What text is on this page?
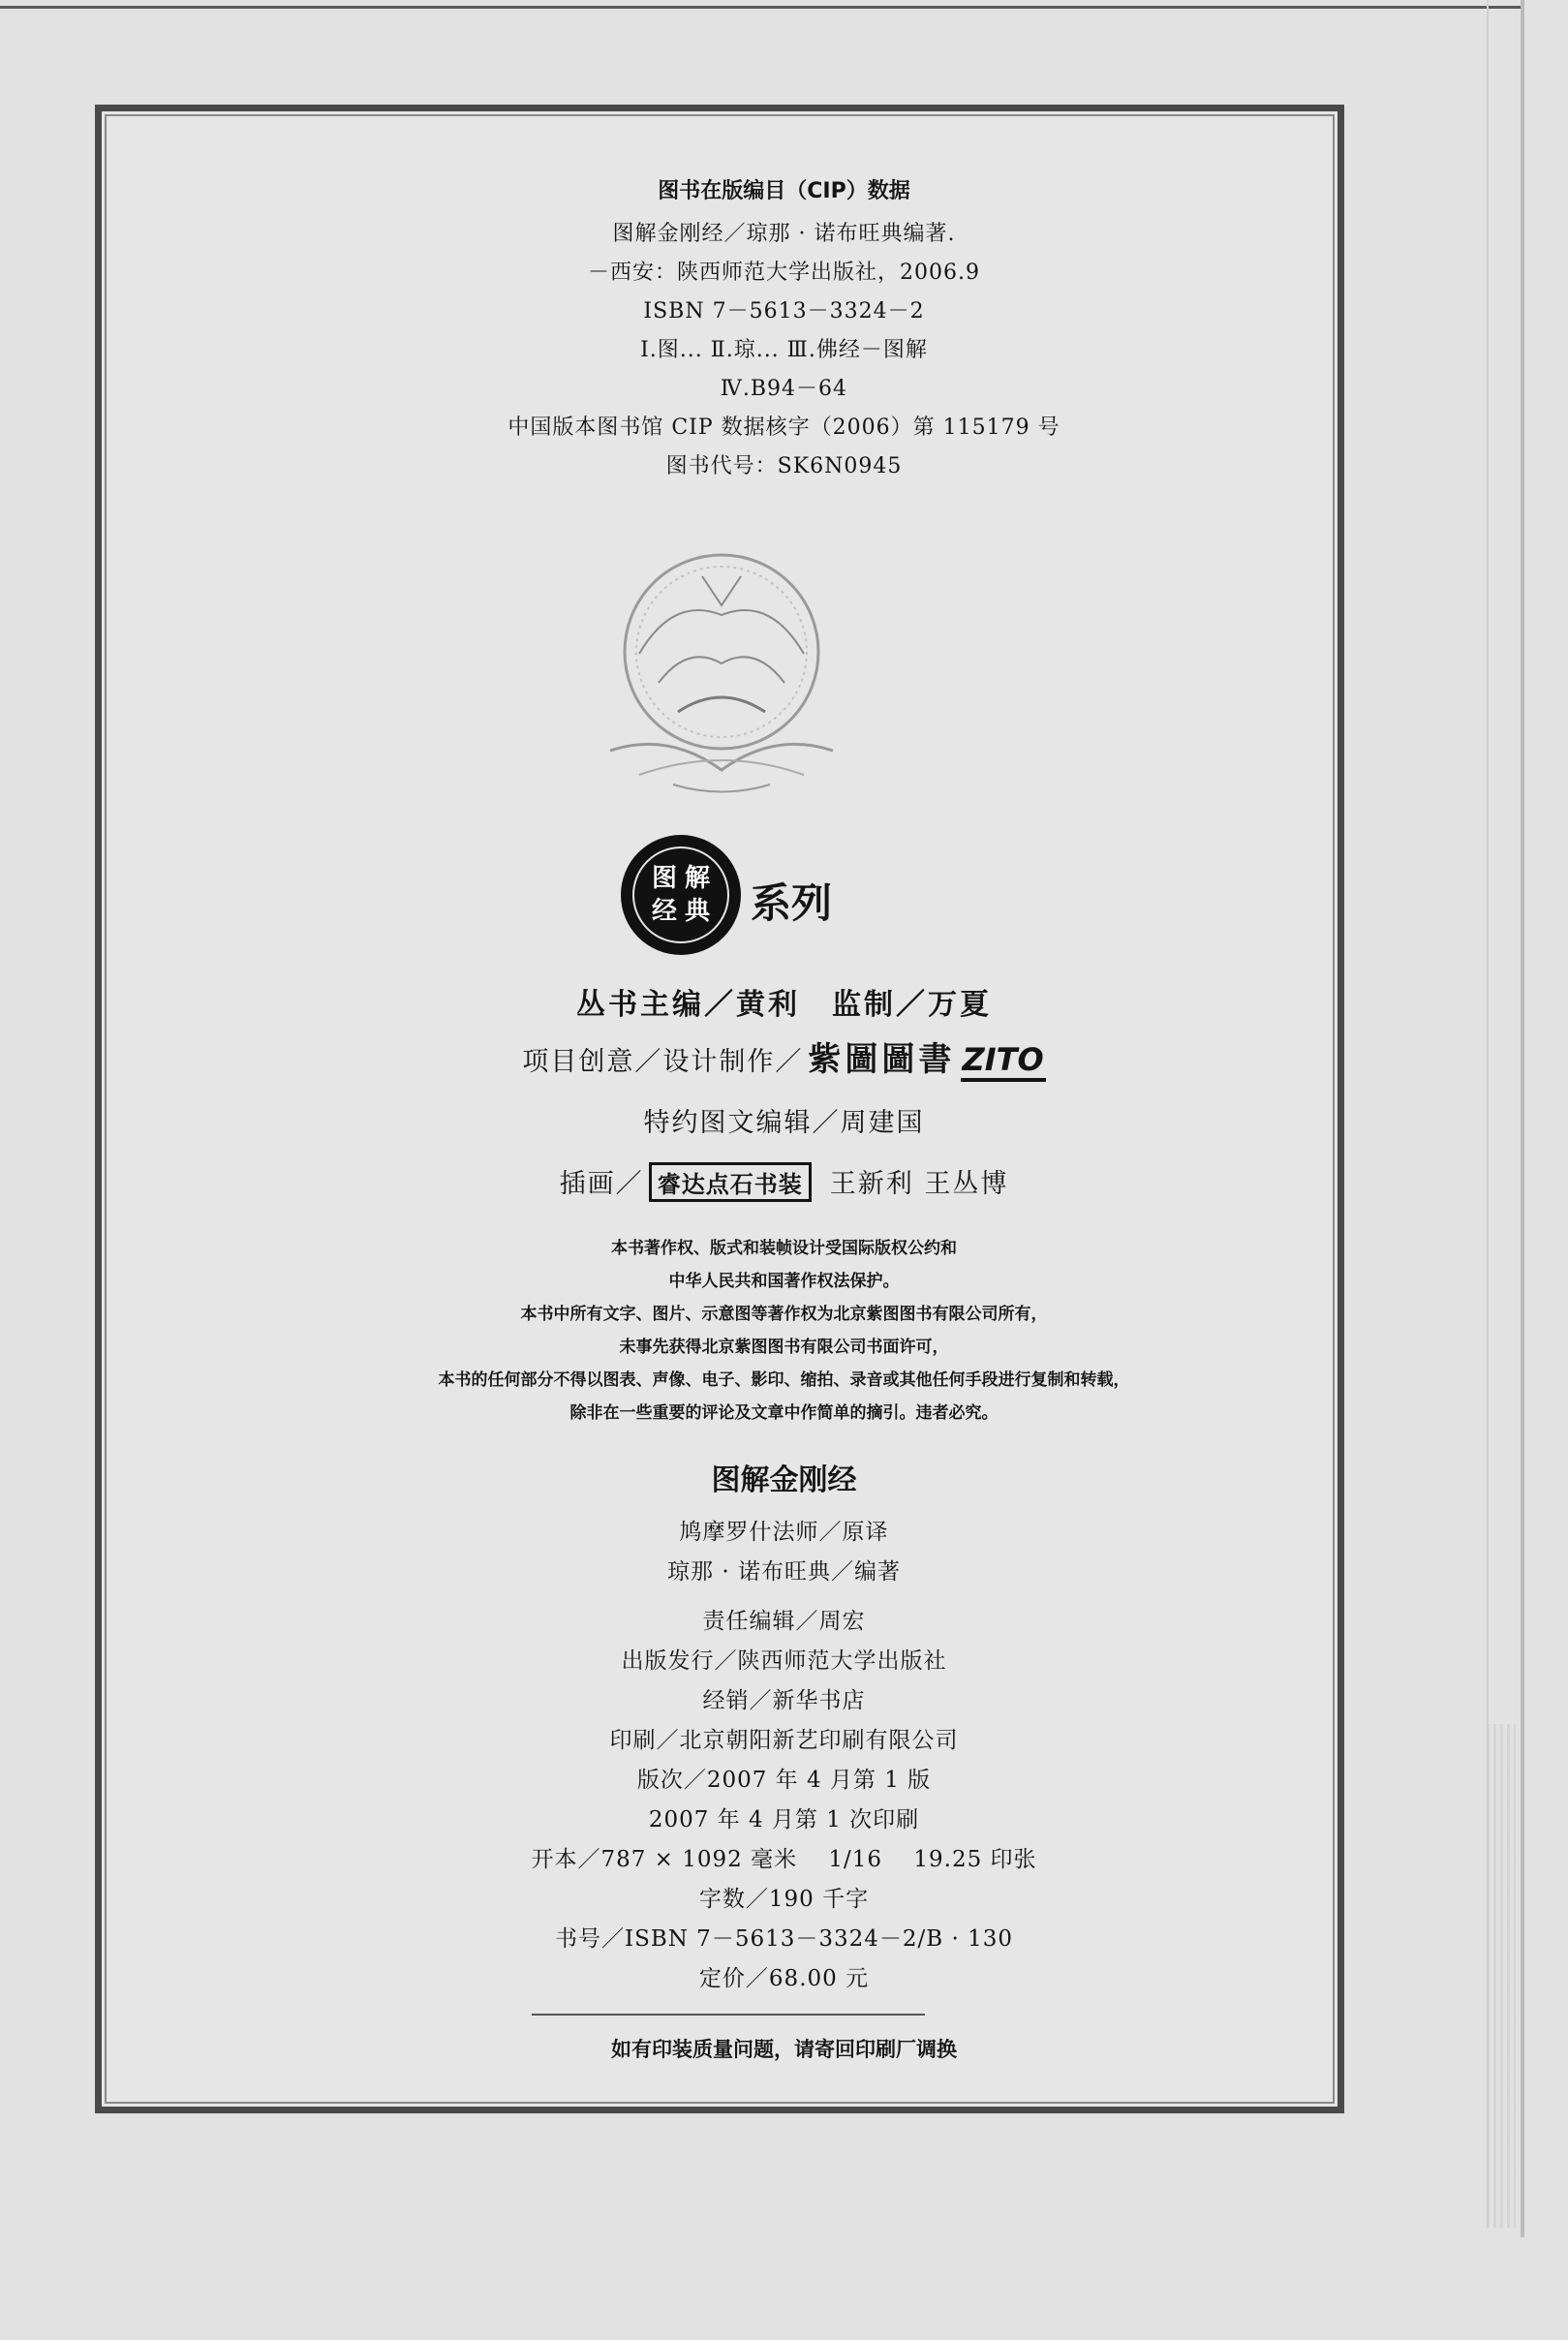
图书在版编目（CIP）数据
图解金刚经／琼那 · 诺布旺典编著.
－西安：陕西师范大学出版社，2006.9
ISBN 7－5613－3324－2
Ⅰ.图... Ⅱ.琼... Ⅲ.佛经－图解
Ⅳ.B94－64
中国版本图书馆 CIP 数据核字（2006）第 115179 号
图书代号：SK6N0945
图 解
经 典 系列
丛书主编／黄利　监制／万夏
项目创意／设计制作／ 紫圖圖書 ZITO
特约图文编辑／周建国
插画／ 睿达点石书装 王新利 王丛博
本书著作权、版式和装帧设计受国际版权公约和
中华人民共和国著作权法保护。
本书中所有文字、图片、示意图等著作权为北京紫图图书有限公司所有，
未事先获得北京紫图图书有限公司书面许可，
本书的任何部分不得以图表、声像、电子、影印、缩拍、录音或其他任何手段进行复制和转载，
除非在一些重要的评论及文章中作简单的摘引。违者必究。
图解金刚经
鸠摩罗什法师／原译
琼那 · 诺布旺典／编著
责任编辑／周宏
出版发行／陕西师范大学出版社
经销／新华书店
印刷／北京朝阳新艺印刷有限公司
版次／2007 年 4 月第 1 版
2007 年 4 月第 1 次印刷
开本／787 × 1092 毫米　 1/16　 19.25 印张
字数／190 千字
书号／ISBN 7－5613－3324－2/B · 130
定价／68.00 元
如有印装质量问题，请寄回印刷厂调换
